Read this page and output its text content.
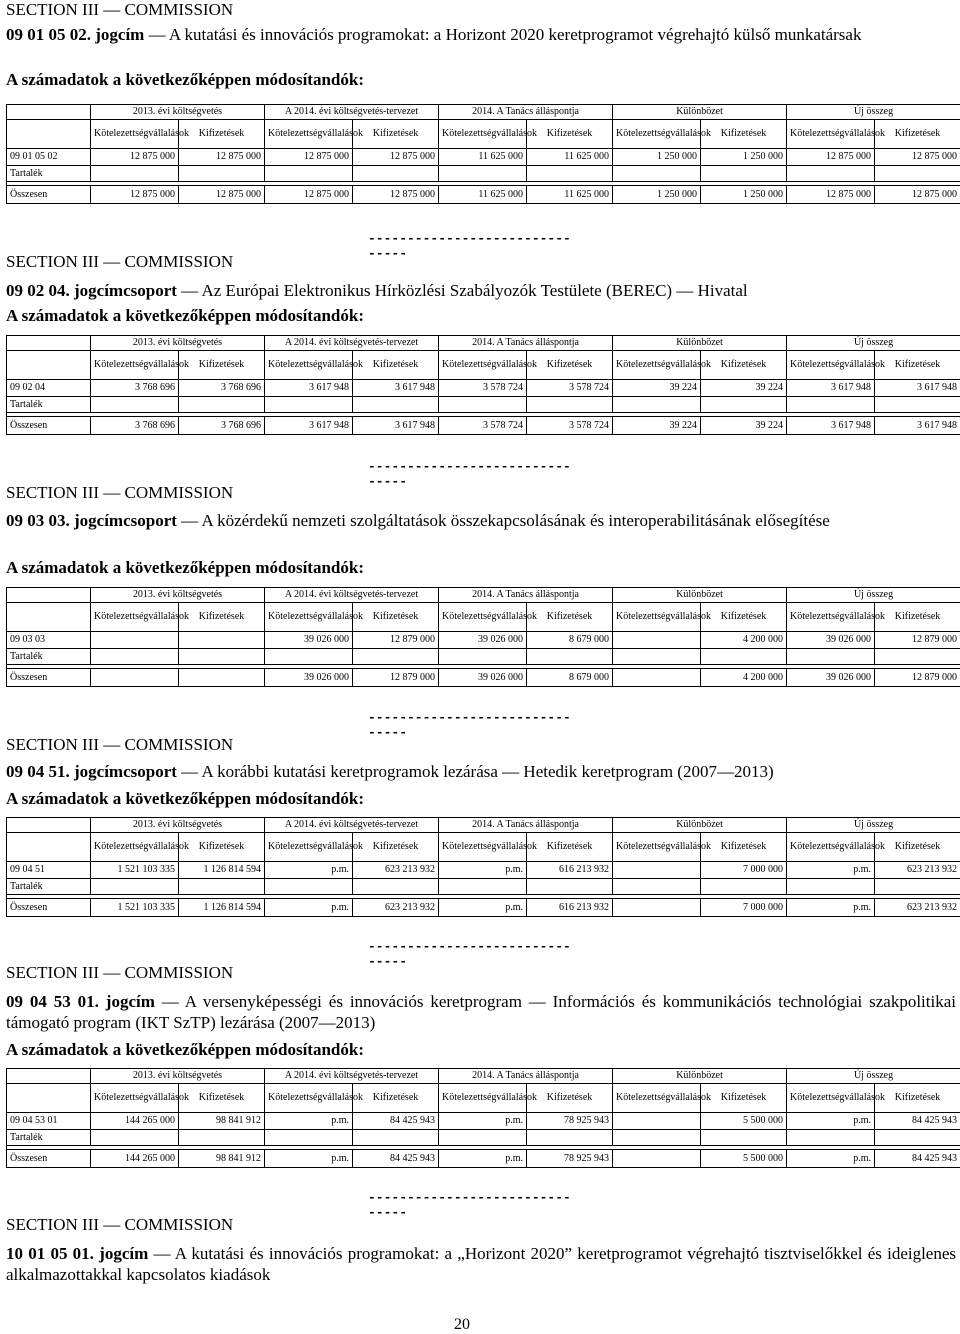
SECTION III — COMMISSION
09 01 05 02. jogcím — A kutatási és innovációs programokat: a Horizont 2020 keretprogramot végrehajtó külső munkatársak
A számadatok a következőképpen módosítandók:
	2013. évi költségvetés		A 2014. évi költségvetés-tervezet		2014. A Tanács álláspontja		Különbözet		Új összeg	
	Kötelezettségvállalások	Kifizetések	Kötelezettségvállalások	Kifizetések	Kötelezettségvállalások	Kifizetések	Kötelezettségvállalások	Kifizetések	Kötelezettségvállalások	Kifizetések
09 01 05 02	12 875 000	12 875 000	12 875 000	12 875 000	11 625 000	11 625 000	1 250 000	1 250 000	12 875 000	12 875 000
Tartalék										

Összesen	12 875 000	12 875 000	12 875 000	12 875 000	11 625 000	11 625 000	1 250 000	1 250 000	12 875 000	12 875 000
-------------------------------
SECTION III — COMMISSION
09 02 04. jogcímcsoport — Az Európai Elektronikus Hírközlési Szabályozók Testülete (BEREC) — Hivatal
A számadatok a következőképpen módosítandók:
	2013. évi költségvetés		A 2014. évi költségvetés-tervezet		2014. A Tanács álláspontja		Különbözet		Új összeg	
	Kötelezettségvállalások	Kifizetések	Kötelezettségvállalások	Kifizetések	Kötelezettségvállalások	Kifizetések	Kötelezettségvállalások	Kifizetések	Kötelezettségvállalások	Kifizetések
09 02 04	3 768 696	3 768 696	3 617 948	3 617 948	3 578 724	3 578 724	39 224	39 224	3 617 948	3 617 948
Tartalék										

Összesen	3 768 696	3 768 696	3 617 948	3 617 948	3 578 724	3 578 724	39 224	39 224	3 617 948	3 617 948
-------------------------------
SECTION III — COMMISSION
09 03 03. jogcímcsoport — A közérdekű nemzeti szolgáltatások összekapcsolásának és interoperabilitásának elősegítése
A számadatok a következőképpen módosítandók:
	2013. évi költségvetés		A 2014. évi költségvetés-tervezet		2014. A Tanács álláspontja		Különbözet		Új összeg	
	Kötelezettségvállalások	Kifizetések	Kötelezettségvállalások	Kifizetések	Kötelezettségvállalások	Kifizetések	Kötelezettségvállalások	Kifizetések	Kötelezettségvállalások	Kifizetések
09 03 03			39 026 000	12 879 000	39 026 000	8 679 000		4 200 000	39 026 000	12 879 000
Tartalék										

Összesen			39 026 000	12 879 000	39 026 000	8 679 000		4 200 000	39 026 000	12 879 000
-------------------------------
SECTION III — COMMISSION
09 04 51. jogcímcsoport — A korábbi kutatási keretprogramok lezárása — Hetedik keretprogram (2007—2013)
A számadatok a következőképpen módosítandók:
	2013. évi költségvetés		A 2014. évi költségvetés-tervezet		2014. A Tanács álláspontja		Különbözet		Új összeg	
	Kötelezettségvállalások	Kifizetések	Kötelezettségvállalások	Kifizetések	Kötelezettségvállalások	Kifizetések	Kötelezettségvállalások	Kifizetések	Kötelezettségvállalások	Kifizetések
09 04 51	1 521 103 335	1 126 814 594	p.m.	623 213 932	p.m.	616 213 932		7 000 000	p.m.	623 213 932
Tartalék										

Összesen	1 521 103 335	1 126 814 594	p.m.	623 213 932	p.m.	616 213 932		7 000 000	p.m.	623 213 932
-------------------------------
SECTION III — COMMISSION
09 04 53 01. jogcím — A versenyképességi és innovációs keretprogram — Információs és kommunikációs technológiai szakpolitikai támogató program (IKT SzTP) lezárása (2007—2013)
A számadatok a következőképpen módosítandók:
	2013. évi költségvetés		A 2014. évi költségvetés-tervezet		2014. A Tanács álláspontja		Különbözet		Új összeg	
	Kötelezettségvállalások	Kifizetések	Kötelezettségvállalások	Kifizetések	Kötelezettségvállalások	Kifizetések	Kötelezettségvállalások	Kifizetések	Kötelezettségvállalások	Kifizetések
09 04 53 01	144 265 000	98 841 912	p.m.	84 425 943	p.m.	78 925 943		5 500 000	p.m.	84 425 943
Tartalék										

Összesen	144 265 000	98 841 912	p.m.	84 425 943	p.m.	78 925 943		5 500 000	p.m.	84 425 943
-------------------------------
SECTION III — COMMISSION
10 01 05 01. jogcím — A kutatási és innovációs programokat: a „Horizont 2020” keretprogramot végrehajtó tisztviselőkkel és ideiglenes alkalmazottakkal kapcsolatos kiadások
20
